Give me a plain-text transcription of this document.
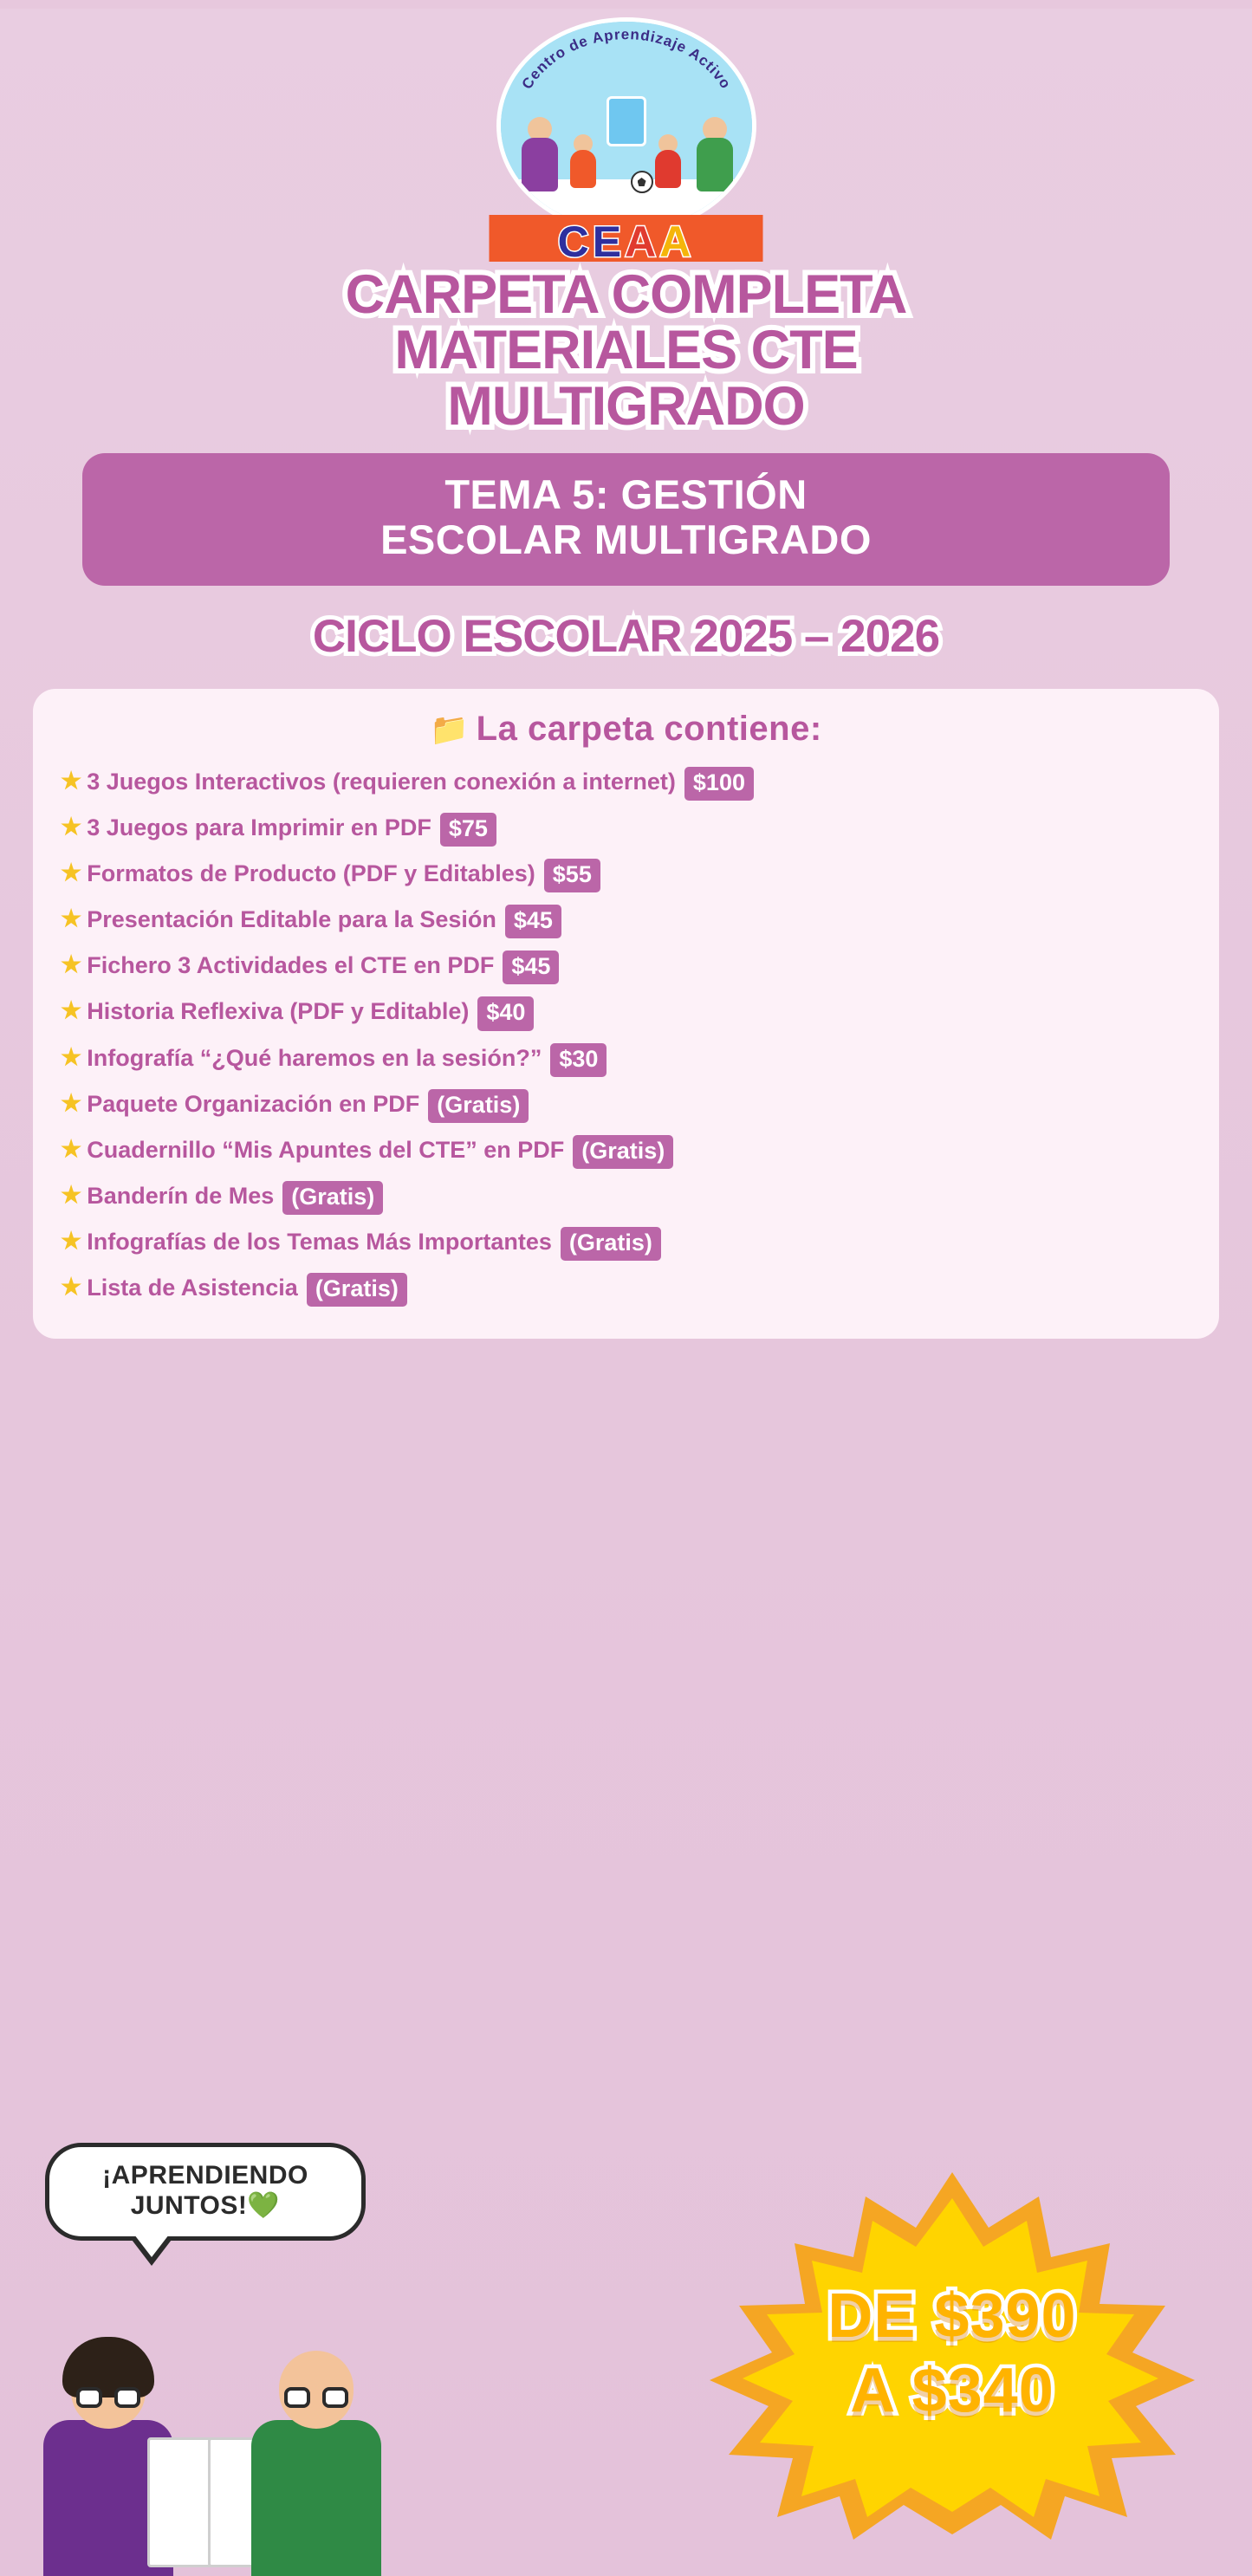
Centro de Aprendizaje Activo
CEAA
CARPETA COMPLETA
MATERIALES CTE
MULTIGRADO
TEMA 5: GESTIÓN
ESCOLAR MULTIGRADO
CICLO ESCOLAR 2025 – 2026
📁 La carpeta contiene:
★ 3 Juegos Interactivos (requieren conexión a internet) $100
★ 3 Juegos para Imprimir en PDF $75
★ Formatos de Producto (PDF y Editables) $55
★ Presentación Editable para la Sesión $45
★ Fichero 3 Actividades el CTE en PDF $45
★ Historia Reflexiva (PDF y Editable) $40
★ Infografía “¿Qué haremos en la sesión?” $30
★ Paquete Organización en PDF (Gratis)
★ Cuadernillo “Mis Apuntes del CTE” en PDF (Gratis)
★ Banderín de Mes (Gratis)
★ Infografías de los Temas Más Importantes (Gratis)
★ Lista de Asistencia (Gratis)
¡APRENDIENDO
JUNTOS!💚
DE $390
A $340
